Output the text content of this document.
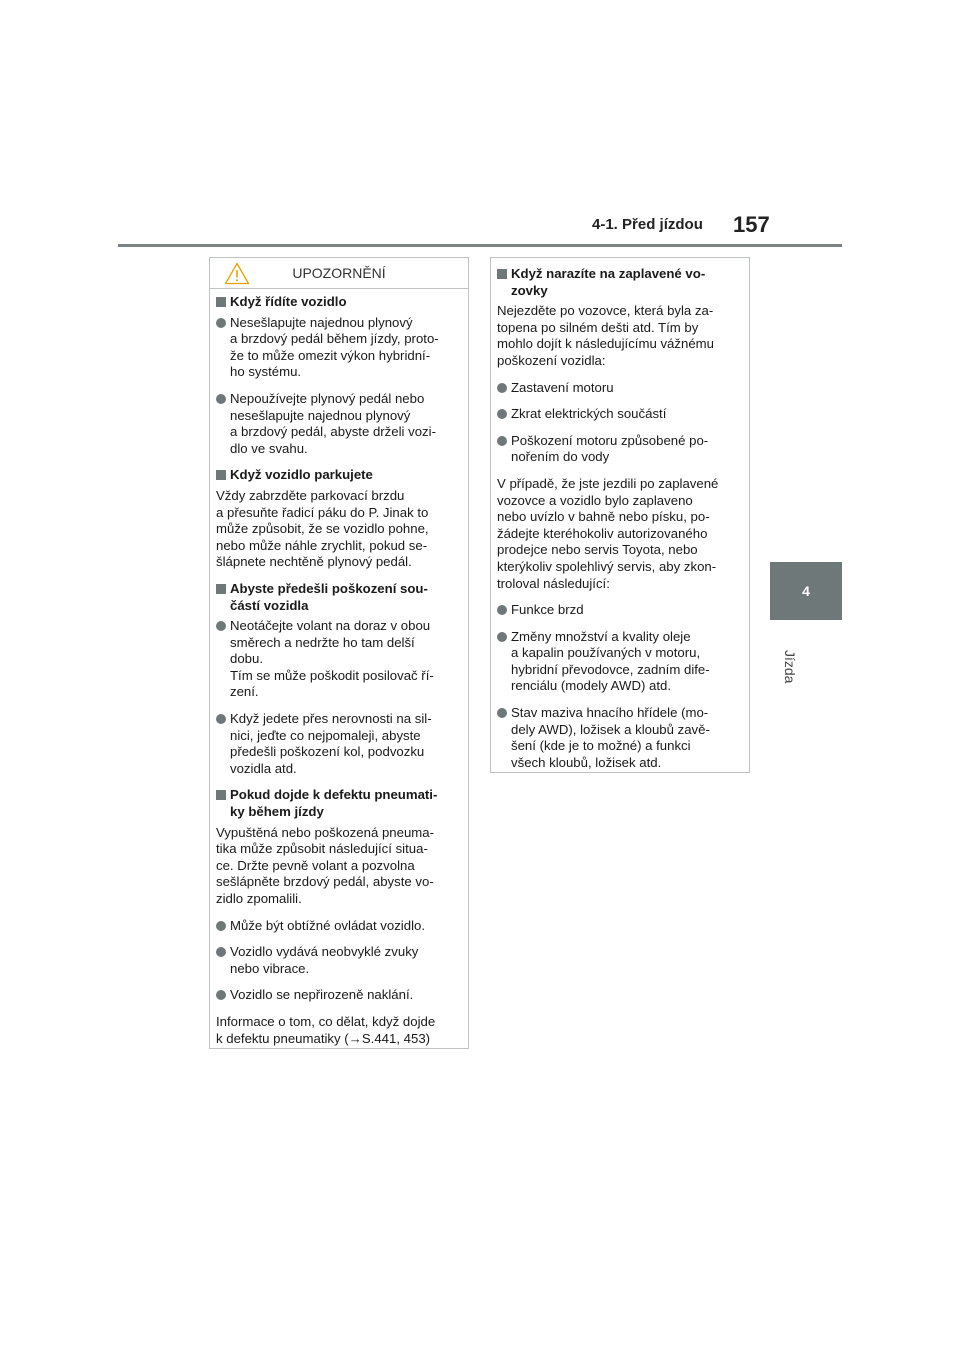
4-1. Před jízdou 157
4
Jízda
UPOZORNĚNÍ
Když řídíte vozidlo
Nesešlapujte najednou plynový
a brzdový pedál během jízdy, proto-
že to může omezit výkon hybridní-
ho systému.
Nepoužívejte plynový pedál nebo
nesešlapujte najednou plynový
a brzdový pedál, abyste drželi vozi-
dlo ve svahu.
Když vozidlo parkujete
Vždy zabrzděte parkovací brzdu
a přesuňte řadicí páku do P. Jinak to
může způsobit, že se vozidlo pohne,
nebo může náhle zrychlit, pokud se-
šlápnete nechtěně plynový pedál.
Abyste předešli poškození sou-
částí vozidla
Neotáčejte volant na doraz v obou
směrech a nedržte ho tam delší
dobu.
Tím se může poškodit posilovač ří-
zení.
Když jedete přes nerovnosti na sil-
nici, jeďte co nejpomaleji, abyste
předešli poškození kol, podvozku
vozidla atd.
Pokud dojde k defektu pneumati-
ky během jízdy
Vypuštěná nebo poškozená pneuma-
tika může způsobit následující situa-
ce. Držte pevně volant a pozvolna
sešlápněte brzdový pedál, abyste vo-
zidlo zpomalili.
Může být obtížné ovládat vozidlo.
Vozidlo vydává neobvyklé zvuky
nebo vibrace.
Vozidlo se nepřirozeně naklání.
Informace o tom, co dělat, když dojde
k defektu pneumatiky (→S.441, 453)
Když narazíte na zaplavené vo-
zovky
Nejezděte po vozovce, která byla za-
topena po silném dešti atd. Tím by
mohlo dojít k následujícímu vážnému
poškození vozidla:
Zastavení motoru
Zkrat elektrických součástí
Poškození motoru způsobené po-
nořením do vody
V případě, že jste jezdili po zaplavené
vozovce a vozidlo bylo zaplaveno
nebo uvízlo v bahně nebo písku, po-
žádejte kteréhokoliv autorizovaného
prodejce nebo servis Toyota, nebo
kterýkoliv spolehlivý servis, aby zkon-
troloval následující:
Funkce brzd
Změny množství a kvality oleje
a kapalin používaných v motoru,
hybridní převodovce, zadním dife-
renciálu (modely AWD) atd.
Stav maziva hnacího hřídele (mo-
dely AWD), ložisek a kloubů zavě-
šení (kde je to možné) a funkci
všech kloubů, ložisek atd.
